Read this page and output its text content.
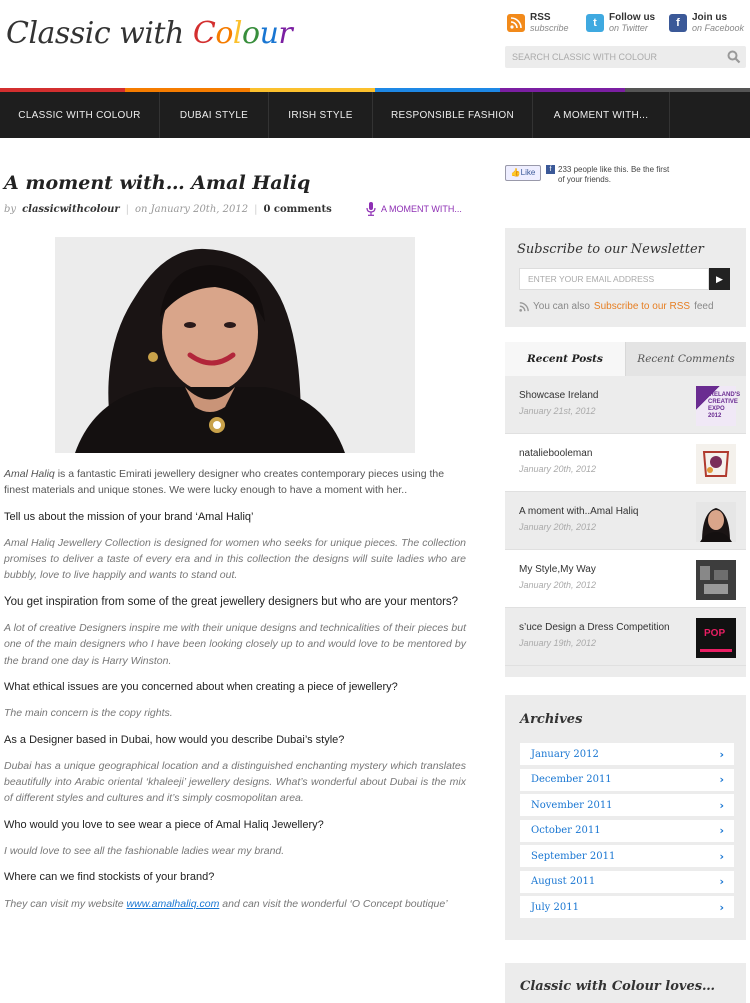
Classic with Colour	RSS
subscribe	t	Follow us
on Twitter	f	Join us
on Facebook
SEARCH CLASSIC WITH COLOUR
CLASSIC WITH COLOUR	DUBAI STYLE	IRISH STYLE	RESPONSIBLE FASHION	A MOMENT WITH...
A moment with… Amal Haliq
by classicwithcolour | on January 20th, 2012 | 0 comments	A MOMENT WITH...

Amal Haliq is a fantastic Emirati jewellery designer who creates contemporary pieces using the finest materials and unique stones. We were lucky enough to have a moment with her..

Tell us about the mission of your brand ‘Amal Haliq’

Amal Haliq Jewellery Collection is designed for women who seeks for unique pieces. The collection promises to deliver a taste of every era and in this collection the designs will suite ladies who are bubbly, love to live happily and wants to stand out.

You get inspiration from some of the great jewellery designers but who are your mentors?

A lot of creative Designers inspire me with their unique designs and technicalities of their pieces but one of the main designers who I have been looking closely up to and would love to be mentored by the brand one day is Harry Winston.

What ethical issues are you concerned about when creating a piece of jewellery?

The main concern is the copy rights.

As a Designer based in Dubai, how would you describe Dubai’s style?

Dubai has a unique geographical location and a distinguished enchanting mystery which translates beautifully into Arabic oriental ‘khaleeji’ jewellery designs. What’s wonderful about Dubai is the mix of different styles and cultures and it’s simply cosmopolitan area.

Who would you love to see wear a piece of Amal Haliq Jewellery?

I would love to see all the fashionable ladies wear my brand.

Where can we find stockists of your brand?

They can visit my website www.amalhaliq.com and can visit the wonderful ‘O Concept boutique’

👍 Like	f 233 people like this. Be the first of your friends.
Subscribe to our Newsletter
ENTER YOUR EMAIL ADDRESS	▶
You can also Subscribe to our RSS feed
Recent Posts	Recent Comments
Showcase Ireland
January 21st, 2012
IRELAND'S
CREATIVE
EXPO 2012
nataliebooleman
January 20th, 2012
A moment with..Amal Haliq
January 20th, 2012
My Style,My Way
January 20th, 2012
s’uce Design a Dress Competition
January 19th, 2012
POP
Archives
January 2012	›
December 2011	›
November 2011	›
October 2011	›
September 2011	›
August 2011	›
July 2011	›
Classic with Colour loves…
